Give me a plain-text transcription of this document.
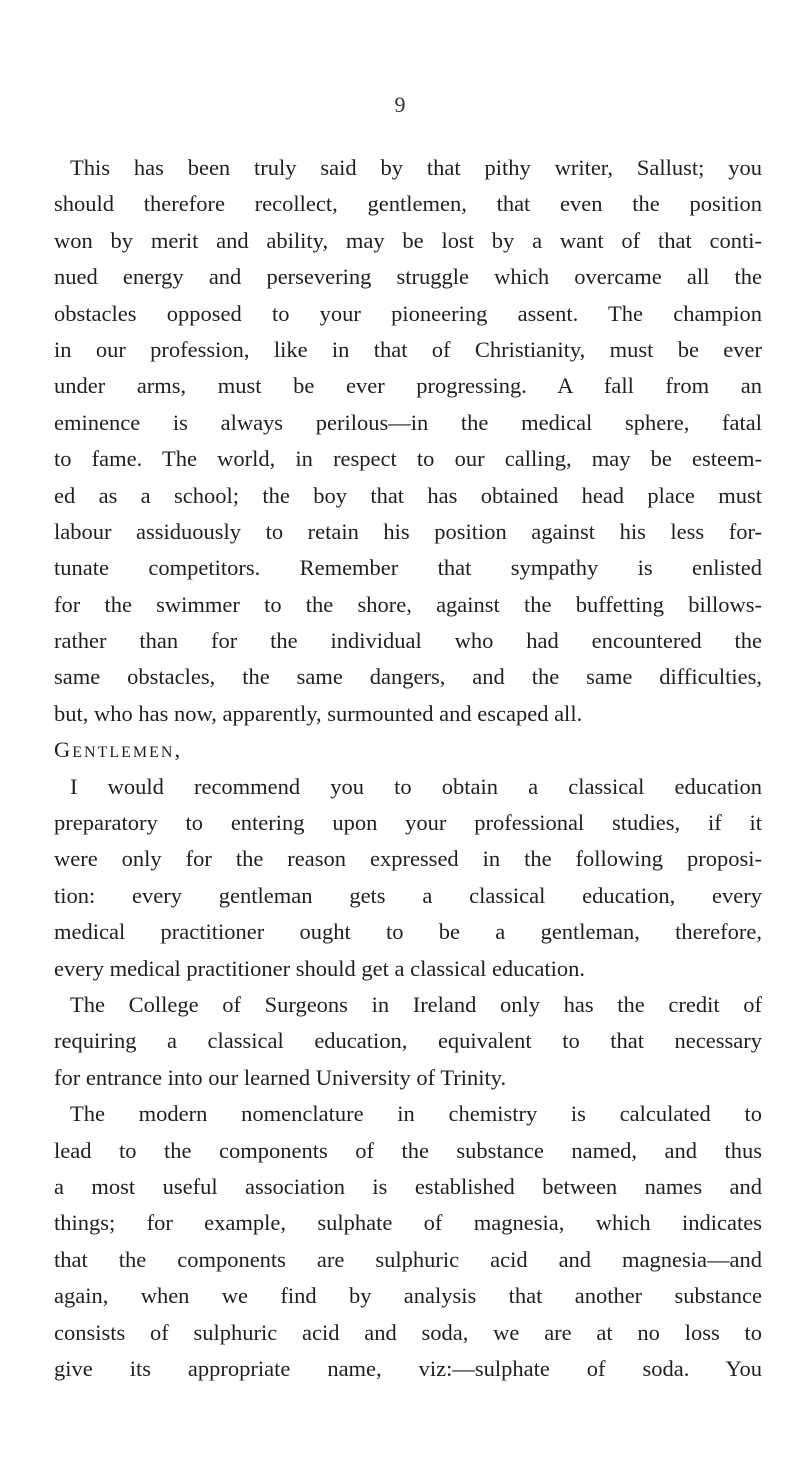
9
This has been truly said by that pithy writer, Sallust; you
should therefore recollect, gentlemen, that even the position
won by merit and ability, may be lost by a want of that conti-
nued energy and persevering struggle which overcame all the
obstacles opposed to your pioneering assent. The champion
in our profession, like in that of Christianity, must be ever
under arms, must be ever progressing. A fall from an
eminence is always perilous—in the medical sphere, fatal
to fame. The world, in respect to our calling, may be esteem-
ed as a school; the boy that has obtained head place must
labour assiduously to retain his position against his less for-
tunate competitors. Remember that sympathy is enlisted
for the swimmer to the shore, against the buffetting billows-
rather than for the individual who had encountered the
same obstacles, the same dangers, and the same difficulties,
but, who has now, apparently, surmounted and escaped all.
Gentlemen,
I would recommend you to obtain a classical education
preparatory to entering upon your professional studies, if it
were only for the reason expressed in the following proposi-
tion: every gentleman gets a classical education, every
medical practitioner ought to be a gentleman, therefore,
every medical practitioner should get a classical education.
The College of Surgeons in Ireland only has the credit of
requiring a classical education, equivalent to that necessary
for entrance into our learned University of Trinity.
The modern nomenclature in chemistry is calculated to
lead to the components of the substance named, and thus
a most useful association is established between names and
things; for example, sulphate of magnesia, which indicates
that the components are sulphuric acid and magnesia—and
again, when we find by analysis that another substance
consists of sulphuric acid and soda, we are at no loss to
give its appropriate name, viz:—sulphate of soda. You
